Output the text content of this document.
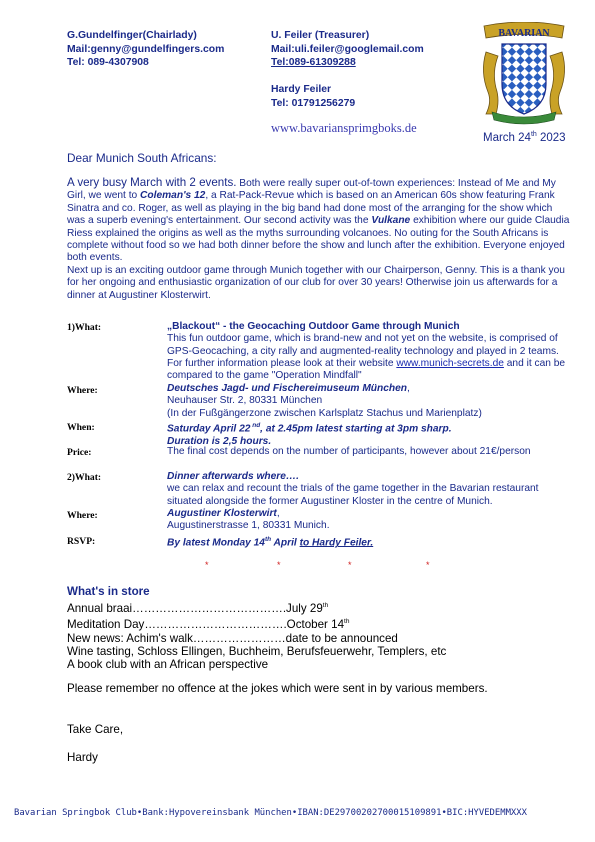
G.Gundelfinger(Chairlady)
Mail:genny@gundelfingers.com
Tel: 089-4307908
U. Feiler (Treasurer)
Mail:uli.feiler@googlemail.com
Tel:089-61309288
Hardy Feiler
Tel: 01791256279
www.bavariansprimgboks.de
BAVARIAN
March 24th 2023
Dear Munich South Africans:
A very busy March with 2 events. Both were really super out-of-town experiences: Instead of Me and My Girl, we went to Coleman's 12, a Rat-Pack-Revue which is based on an American 60s show featuring Frank Sinatra and co. Roger, as well as playing in the big band had done most of the arranging for the show which was a superb evening's entertainment. Our second activity was the Vulkane exhibition where our guide Claudia Riess explained the origins as well as the myths surrounding volcanoes. No outing for the South Africans is complete without food so we had both dinner before the show and lunch after the exhibition. Everyone enjoyed both events.
Next up is an exciting outdoor game through Munich together with our Chairperson, Genny. This is a thank you for her ongoing and enthusiastic organization of our club for over 30 years! Otherwise join us afterwards for a dinner at Augustiner Klosterwirt.
1)What:	„Blackout“ - the Geocaching Outdoor Game through Munich
This fun outdoor game, which is brand-new and not yet on the website, is comprised of GPS-Geocaching, a city rally and augmented-reality technology and played in 2 teams. For further information please look at their website www.munich-secrets.de and it can be compared to the game "Operation Mindfall"
Where:	Deutsches Jagd- und Fischereimuseum München,
Neuhauser Str. 2, 80331 München
(In der Fußgängerzone zwischen Karlsplatz Stachus und Marienplatz)
When:	Saturday April 22 $^{nd}$, at 2.45pm latest starting at 3pm sharp.
Duration is 2,5 hours.
Price:	The final cost depends on the number of participants, however about 21€/person
2)What:	Dinner afterwards where….
we can relax and recount the trials of the game together in the Bavarian restaurant situated alongside the former Augustiner Kloster in the centre of Munich.
Where:	Augustiner Klosterwirt,
Augustinerstrasse 1, 80331 Munich.
RSVP:	By latest Monday 14th April to Hardy Feiler.
*	*	*	*
What's in store
Annual braai………………………………….July 29th
Meditation Day……………………………….October 14th
New news: Achim's walk……………………date to be announced
Wine tasting, Schloss Ellingen, Buchheim, Berufsfeuerwehr, Templers, etc
A book club with an African perspective
Please remember no offence at the jokes which were sent in by various members.
Take Care,
Hardy
Bavarian Springbok Club•Bank:Hypovereinsbank München•IBAN:DE29700202700015109891•BIC:HYVEDEMMXXX
